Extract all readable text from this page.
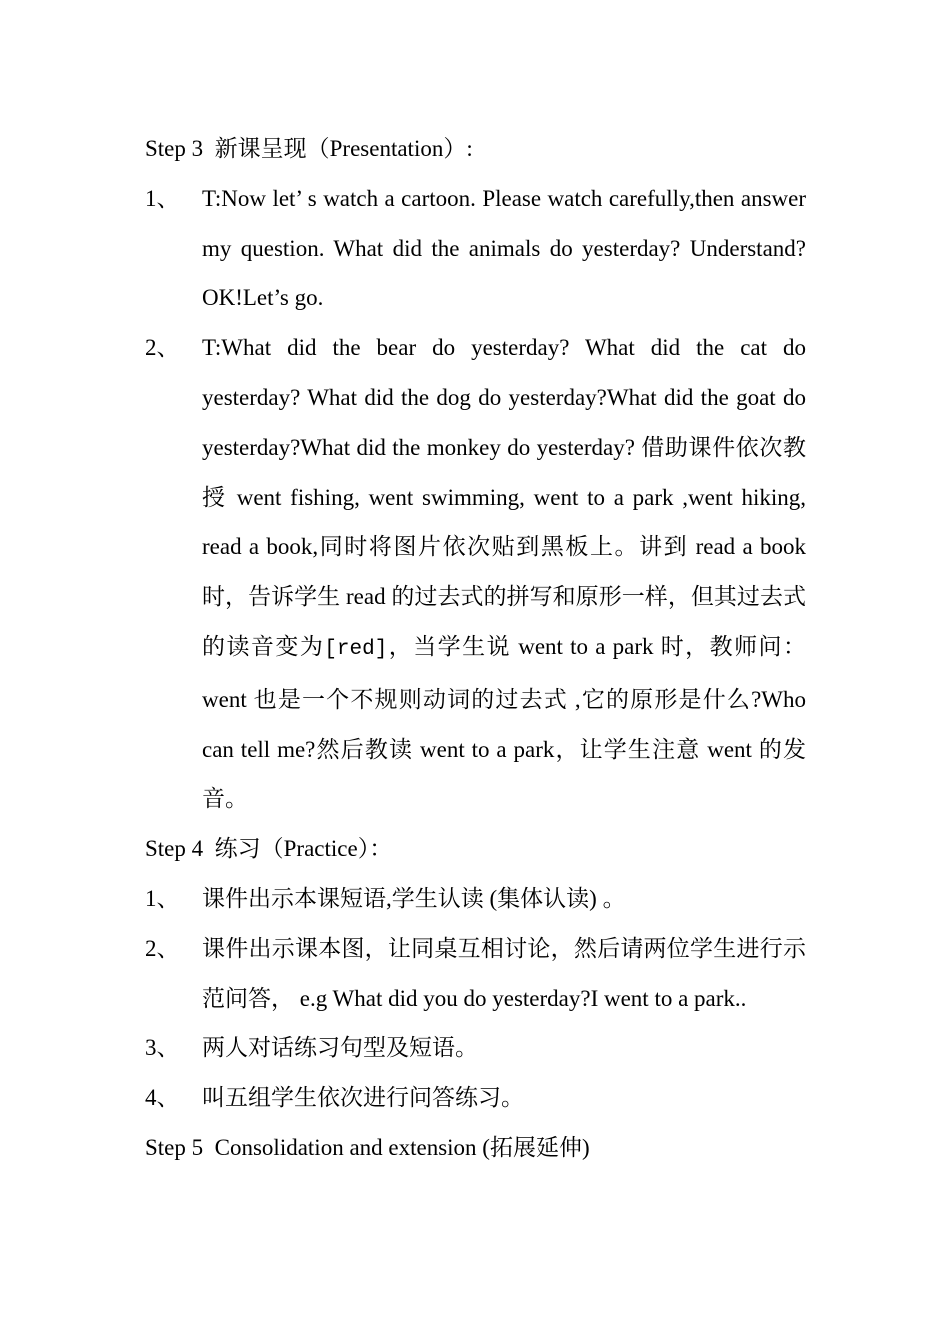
Step 3  新课呈现（Presentation）:

1、 T:Now let’ s watch a cartoon. Please watch carefully,then answer my question. What did the animals do yesterday? Understand?OK!Let’s go.
2、 T:What did the bear do yesterday? What did the cat do yesterday? What did the dog do yesterday?What did the goat do yesterday?What did the monkey do yesterday? 借助课件依次教授 went fishing, went swimming, went to a park ,went hiking, read a book,同时将图片依次贴到黑板上。讲到 read a book 时，告诉学生 read 的过去式的拼写和原形一样，但其过去式的读音变为[red]，当学生说 went to a park 时，教师问：went 也是一个不规则动词的过去式 ,它的原形是什么?Who can tell me?然后教读 went to a park，让学生注意 went 的发音。

Step 4  练习（Practice）：

1、 课件出示本课短语,学生认读 (集体认读) 。
2、 课件出示课本图，让同桌互相讨论，然后请两位学生进行示范问答， e.g What did you do yesterday?I went to a park..
3、 两人对话练习句型及短语。
4、 叫五组学生依次进行问答练习。

Step 5  Consolidation and extension (拓展延伸)
